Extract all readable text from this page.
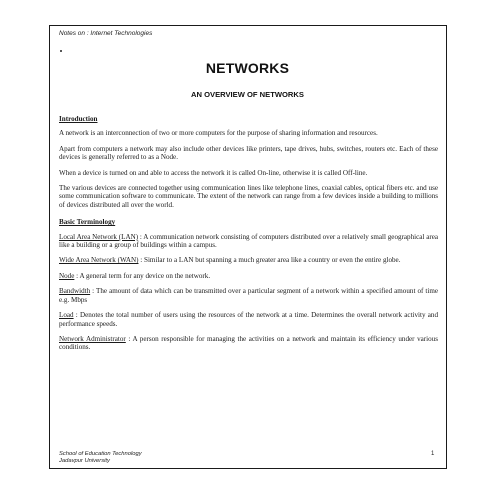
Notes on : Internet Technologies
NETWORKS
AN OVERVIEW OF NETWORKS
Introduction

A network is an interconnection of two or more computers for the purpose of sharing information and resources.

Apart from computers a network may also include other devices like printers, tape drives, hubs, switches, routers etc. Each of these devices is generally referred to as a Node.

When a device is turned on and able to access the network it is called On-line, otherwise it is called Off-line.

The various devices are connected together using communication lines like telephone lines, coaxial cables, optical fibers etc. and use some communication software to communicate. The extent of the network can range from a few devices inside a building to millions of devices distributed all over the world.

Basic Terminology

Local Area Network (LAN) : A communication network consisting of computers distributed over a relatively small geographical area like a building or a group of buildings within a campus.

Wide Area Network (WAN) : Similar to a LAN but spanning a much greater area like a country or even the entire globe.

Node : A general term for any device on the network.

Bandwidth : The amount of data which can be transmitted over a particular segment of a network within a specified amount of time e.g. Mbps

Load : Denotes the total number of users using the resources of the network at a time. Determines the overall network activity and performance speeds.

Network Administrator : A person responsible for managing the activities on a network and maintain its efficiency under various conditions.

School of Education Technology
Jadavpur University
1
